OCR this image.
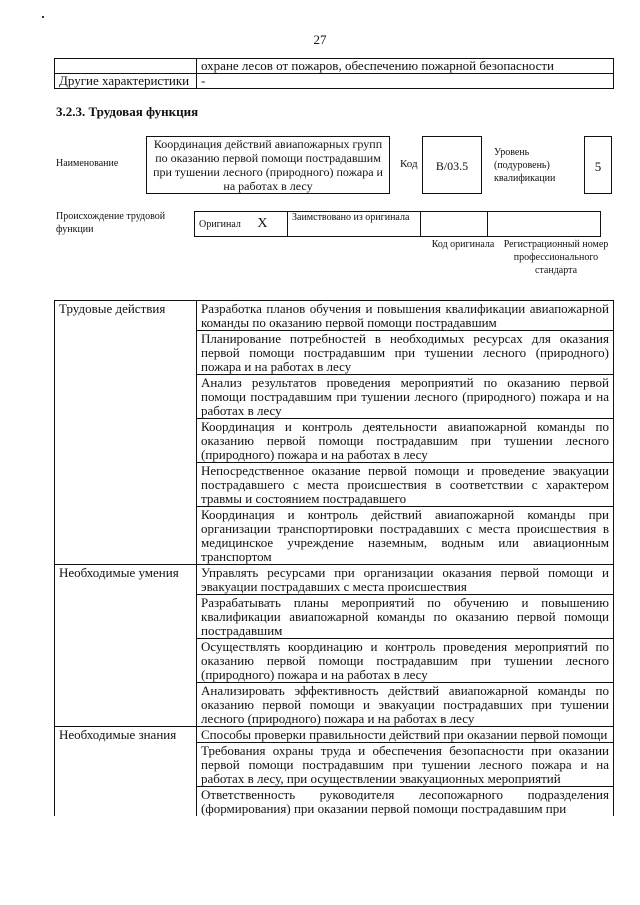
27
	охране лесов от пожаров, обеспечению пожарной безопасности
Другие характеристики	-
3.2.3. Трудовая функция
Наименование
Координация действий авиапожарных групп по оказанию первой помощи пострадавшим при тушении лесного (природного) пожара и на работах в лесу
Код	B/03.5
Уровень (подуровень) квалификации
5
Происхождение трудовой функции	Оригинал X	Заимствовано из оригинала		
Код оригинала Регистрационный номер профессионального стандарта
Трудовые действия	Разработка планов обучения и повышения квалификации авиапожарной команды по оказанию первой помощи пострадавшим
	Планирование потребностей в необходимых ресурсах для оказания первой помощи пострадавшим при тушении лесного (природного) пожара и на работах в лесу
	Анализ результатов проведения мероприятий по оказанию первой помощи пострадавшим при тушении лесного (природного) пожара и на работах в лесу
	Координация и контроль деятельности авиапожарной команды по оказанию первой помощи пострадавшим при тушении лесного (природного) пожара и на работах в лесу
	Непосредственное оказание первой помощи и проведение эвакуации пострадавшего с места происшествия в соответствии с характером травмы и состоянием пострадавшего
	Координация и контроль действий авиапожарной команды при организации транспортировки пострадавших с места происшествия в медицинское учреждение наземным, водным или авиационным транспортом
Необходимые умения	Управлять ресурсами при организации оказания первой помощи и эвакуации пострадавших с места происшествия
	Разрабатывать планы мероприятий по обучению и повышению квалификации авиапожарной команды по оказанию первой помощи пострадавшим
	Осуществлять координацию и контроль проведения мероприятий по оказанию первой помощи пострадавшим при тушении лесного (природного) пожара и на работах в лесу
	Анализировать эффективность действий авиапожарной команды по оказанию первой помощи и эвакуации пострадавших при тушении лесного (природного) пожара и на работах в лесу
Необходимые знания	Способы проверки правильности действий при оказании первой помощи
	Требования охраны труда и обеспечения безопасности при оказании первой помощи пострадавшим при тушении лесного пожара и на работах в лесу, при осуществлении эвакуационных мероприятий
	Ответственность руководителя лесопожарного подразделения (формирования) при оказании первой помощи пострадавшим при
